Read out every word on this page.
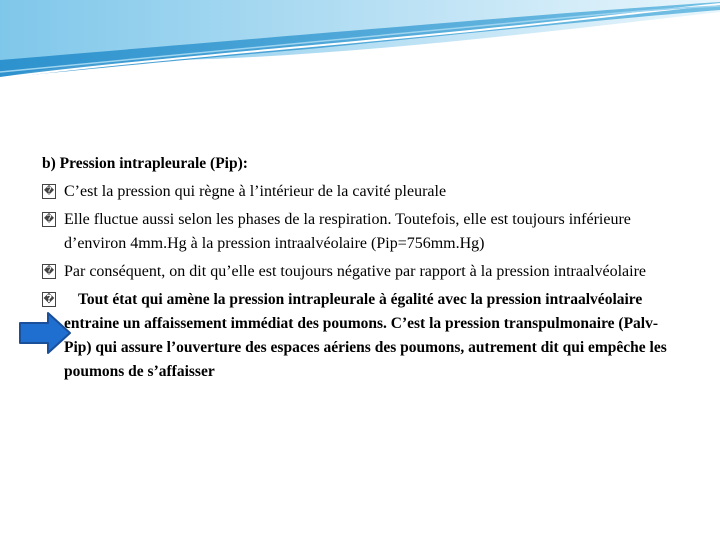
b) Pression intrapleurale (Pip):
� C’est la pression qui règne à l’intérieur de la cavité pleurale
� Elle fluctue aussi selon les phases de la respiration. Toutefois, elle est toujours inférieure d’environ 4mm.Hg à la pression intraalvéolaire (Pip=756mm.Hg)
� Par conséquent, on dit qu’elle est toujours négative par rapport à la pression intraalvéolaire
� Tout état qui amène la pression intrapleurale à égalité avec la pression intraalvéolaire entraine un affaissement immédiat des poumons. C’est la pression transpulmonaire (Palv-Pip) qui assure l’ouverture des espaces aériens des poumons, autrement dit qui empêche les poumons de s’affaisser
